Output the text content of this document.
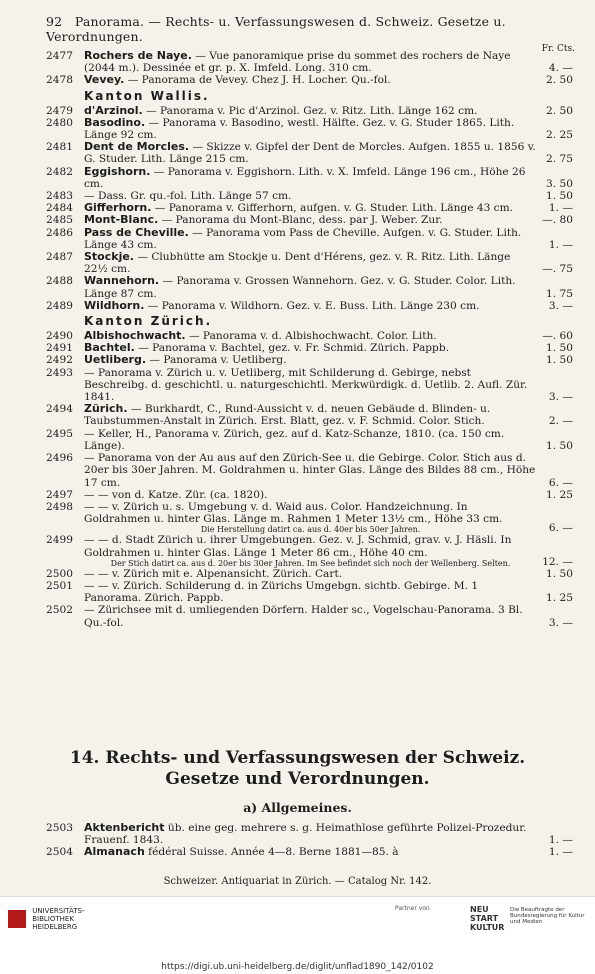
92 Panorama. — Rechts- u. Verfassungswesen d. Schweiz. Gesetze u. Verordnungen.
Fr. Cts.
2477 Rochers de Naye. — Vue panoramique prise du sommet des rochers de Naye (2044 m.). Dessinée et gr. p. X. Imfeld. Long. 310 cm.	4. —
2478 Vevey. — Panorama de Vevey. Chez J. H. Locher. Qu.-fol.	2. 50
Kanton Wallis.
2479 d'Arzinol. — Panorama v. Pic d'Arzinol. Gez. v. Ritz. Lith. Länge 162 cm.	2. 50
2480 Basodino. — Panorama v. Basodino, westl. Hälfte. Gez. v. G. Studer 1865. Lith. Länge 92 cm.	2. 25
2481 Dent de Morcles. — Skizze v. Gipfel der Dent de Morcles. Aufgen. 1855 u. 1856 v. G. Studer. Lith. Länge 215 cm.	2. 75
2482 Eggishorn. — Panorama v. Eggishorn. Lith. v. X. Imfeld. Länge 196 cm., Höhe 26 cm.	3. 50
2483 — Dass. Gr. qu.-fol. Lith. Länge 57 cm.	1. 50
2484 Gifferhorn. — Panorama v. Gifferhorn, aufgen. v. G. Studer. Lith. Länge 43 cm.	1. —
2485 Mont-Blanc. — Panorama du Mont-Blanc, dess. par J. Weber. Zur.	—. 80
2486 Pass de Cheville. — Panorama vom Pass de Cheville. Aufgen. v. G. Studer. Lith. Länge 43 cm.	1. —
2487 Stockje. — Clubhütte am Stockje u. Dent d'Hérens, gez. v. R. Ritz. Lith. Länge 22½ cm.	—. 75
2488 Wannehorn. — Panorama v. Grossen Wannehorn. Gez. v. G. Studer. Color. Lith. Länge 87 cm.	1. 75
2489 Wildhorn. — Panorama v. Wildhorn. Gez. v. E. Buss. Lith. Länge 230 cm.	3. —
Kanton Zürich.
2490 Albishochwacht. — Panorama v. d. Albishochwacht. Color. Lith.	—. 60
2491 Bachtel. — Panorama v. Bachtel, gez. v. Fr. Schmid. Zürich. Pappb.	1. 50
2492 Uetliberg. — Panorama v. Uetliberg.	1. 50
2493 — Panorama v. Zürich u. v. Uetliberg, mit Schilderung d. Gebirge, nebst Beschreibg. d. geschichtl. u. naturgeschichtl. Merkwürdigk. d. Uetlib. 2. Aufl. Zür. 1841.	3. —
2494 Zürich. — Burkhardt, C., Rund-Aussicht v. d. neuen Gebäude d. Blinden- u. Taubstummen-Anstalt in Zürich. Erst. Blatt, gez. v. F. Schmid. Color. Stich.	2. —
2495 — Keller, H., Panorama v. Zürich, gez. auf d. Katz-Schanze, 1810. (ca. 150 cm. Länge).	1. 50
2496 — Panorama von der Au aus auf den Zürich-See u. die Gebirge. Color. Stich aus d. 20er bis 30er Jahren. M. Goldrahmen u. hinter Glas. Länge des Bildes 88 cm., Höhe 17 cm.	6. —
2497 — — von d. Katze. Zür. (ca. 1820).	1. 25
2498 — — v. Zürich u. s. Umgebung v. d. Waid aus. Color. Handzeichnung. In Goldrahmen u. hinter Glas. Länge m. Rahmen 1 Meter 13½ cm., Höhe 33 cm.
Die Herstellung datirt ca. aus d. 40er bis 50er Jahren.	6. —
2499 — — d. Stadt Zürich u. ihrer Umgebungen. Gez. v. J. Schmid, grav. v. J. Häsli. In Goldrahmen u. hinter Glas. Länge 1 Meter 86 cm., Höhe 40 cm.
Der Stich datirt ca. aus d. 20er bis 30er Jahren. Im See befindet sich noch der Wellenberg. Selten.	12. —
2500 — — v. Zürich mit e. Alpenansicht. Zürich. Cart.	1. 50
2501 — — v. Zürich. Schilderung d. in Zürichs Umgebgn. sichtb. Gebirge. M. 1 Panorama. Zürich. Pappb.	1. 25
2502 — Zürichsee mit d. umliegenden Dörfern. Halder sc., Vogelschau-Panorama. 3 Bl. Qu.-fol.	3. —
14. Rechts- und Verfassungswesen der Schweiz.
Gesetze und Verordnungen.
a) Allgemeines.
2503 Aktenbericht üb. eine geg. mehrere s. g. Heimathlose geführte Polizei-Prozedur. Frauenf. 1843.	1. —
2504 Almanach fédéral Suisse. Année 4—8. Berne 1881—85. à	1. —
Schweizer. Antiquariat in Zürich. — Catalog Nr. 142.
UNIVERSITÄTS-
BIBLIOTHEK
HEIDELBERG
Partner von	NEU
START
KULTUR
Die Beauftragte der Bundesregierung für Kultur und Medien
https://digi.ub.uni-heidelberg.de/diglit/unflad1890_142/0102
